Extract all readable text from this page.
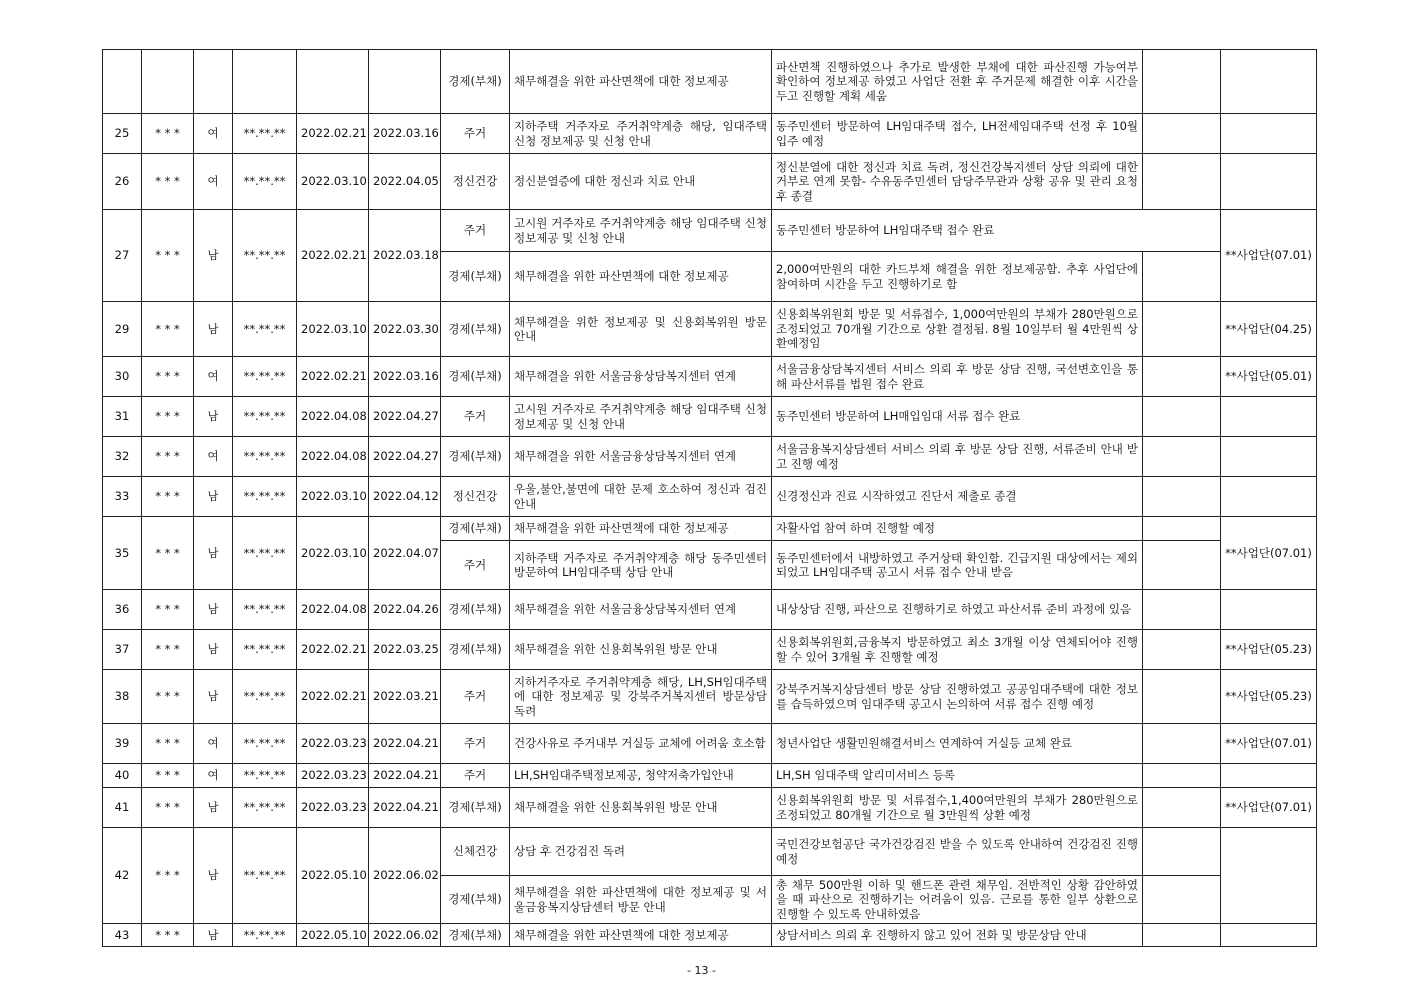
						경제(부채)	채무해결을 위한 파산면책에 대한 정보제공	파산면책 진행하였으나 추가로 발생한 부채에 대한 파산진행 가능여부 확인하여 정보제공 하였고 사업단 전환 후 주거문제 해결한 이후 시간을 두고 진행할 계획 세움		
25	* * *	여	**.**.**	2022.02.21	2022.03.16	주거	지하주택 거주자로 주거취약계층 해당, 임대주택 신청 정보제공 및 신청 안내	동주민센터 방문하여 LH임대주택 접수, LH전세임대주택 선정 후 10월 입주 예정		
26	* * *	여	**.**.**	2022.03.10	2022.04.05	정신건강	정신분열증에 대한 정신과 치료 안내	정신분열에 대한 정신과 치료 독려, 정신건강복지센터 상담 의뢰에 대한 거부로 연계 못함- 수유동주민센터 담당주무관과 상황 공유 및 관리 요청 후 종결		
27	* * *	남	**.**.**	2022.02.21	2022.03.18	주거	고시원 거주자로 주거취약계층 해당 임대주택 신청 정보제공 및 신청 안내	동주민센터 방문하여 LH임대주택 접수 완료		**사업단(07.01)
						경제(부채)	채무해결을 위한 파산면책에 대한 정보제공	2,000여만원의 대한 카드부채 해결을 위한 정보제공함. 추후 사업단에 참여하며 시간을 두고 진행하기로 함		
29	* * *	남	**.**.**	2022.03.10	2022.03.30	경제(부채)	채무해결을 위한 정보제공 및 신용회복위원 방문 안내	신용회복위원회 방문 및 서류접수, 1,000여만원의 부채가 280만원으로 조정되었고 70개월 기간으로 상환 결정됨. 8월 10일부터 월 4만원씩 상환예정임		**사업단(04.25)
30	* * *	여	**.**.**	2022.02.21	2022.03.16	경제(부채)	채무해결을 위한 서울금융상담복지센터 연계	서울금융상담복지센터 서비스 의뢰 후 방문 상담 진행, 국선변호인을 통해 파산서류를 법원 접수 완료		**사업단(05.01)
31	* * *	남	**.**.**	2022.04.08	2022.04.27	주거	고시원 거주자로 주거취약계층 해당 임대주택 신청 정보제공 및 신청 안내	동주민센터 방문하여 LH매입임대 서류 접수 완료		
32	* * *	여	**.**.**	2022.04.08	2022.04.27	경제(부채)	채무해결을 위한 서울금융상담복지센터 연계	서울금융복지상담센터 서비스 의뢰 후 방문 상담 진행, 서류준비 안내 받고 진행 예정		
33	* * *	남	**.**.**	2022.03.10	2022.04.12	정신건강	우울,불안,불면에 대한 문제 호소하여 정신과 검진 안내	신경정신과 진료 시작하였고 진단서 제출로 종결		
35	* * *	남	**.**.**	2022.03.10	2022.04.07	경제(부채)	채무해결을 위한 파산면책에 대한 정보제공	자활사업 참여 하며 진행할 예정		**사업단(07.01)
						주거	지하주택 거주자로 주거취약계층 해당 동주민센터 방문하여 LH임대주택 상담 안내	동주민센터에서 내방하였고 주거상태 확인함. 긴급지원 대상에서는 제외되었고 LH임대주택 공고시 서류 접수 안내 받음		
36	* * *	남	**.**.**	2022.04.08	2022.04.26	경제(부채)	채무해결을 위한 서울금융상담복지센터 연계	내상상담 진행, 파산으로 진행하기로 하였고 파산서류 준비 과정에 있음		
37	* * *	남	**.**.**	2022.02.21	2022.03.25	경제(부채)	채무해결을 위한 신용회복위원 방문 안내	신용회복위원회,금융복지 방문하였고 최소 3개월 이상 연체되어야 진행할 수 있어 3개월 후 진행할 예정		**사업단(05.23)
38	* * *	남	**.**.**	2022.02.21	2022.03.21	주거	지하거주자로 주거취약계층 해당, LH,SH임대주택에 대한 정보제공 및 강북주거복지센터 방문상담 독려	강북주거복지상담센터 방문 상담 진행하였고 공공임대주택에 대한 정보를 습득하였으며 임대주택 공고시 논의하여 서류 접수 진행 예정		**사업단(05.23)
39	* * *	여	**.**.**	2022.03.23	2022.04.21	주거	건강사유로 주거내부 거실등 교체에 어려움 호소함	청년사업단 생활민원해결서비스 연계하여 거실등 교체 완료		**사업단(07.01)
40	* * *	여	**.**.**	2022.03.23	2022.04.21	주거	LH,SH임대주택정보제공, 청약저축가입안내	LH,SH 임대주택 알리미서비스 등록		
41	* * *	남	**.**.**	2022.03.23	2022.04.21	경제(부채)	채무해결을 위한 신용회복위원 방문 안내	신용회복위원회 방문 및 서류접수,1,400여만원의 부채가 280만원으로 조정되었고 80개월 기간으로 월 3만원씩 상환 예정		**사업단(07.01)
42	* * *	남	**.**.**	2022.05.10	2022.06.02	신체건강	상담 후 건강검진 독려	국민건강보험공단 국가건강검진 받을 수 있도록 안내하여 건강검진 진행 예정		
						경제(부채)	채무해결을 위한 파산면책에 대한 정보제공 및 서울금융복지상담센터 방문 안내	총 채무 500만원 이하 및 핸드폰 관련 채무임. 전반적인 상황 감안하였을 때 파산으로 진행하기는 어려움이 있음. 근로를 통한 일부 상환으로 진행할 수 있도록 안내하였음		
43	* * *	남	**.**.**	2022.05.10	2022.06.02	경제(부채)	채무해결을 위한 파산면책에 대한 정보제공	상담서비스 의뢰 후 진행하지 않고 있어 전화 및 방문상담 안내		
- 13 -
